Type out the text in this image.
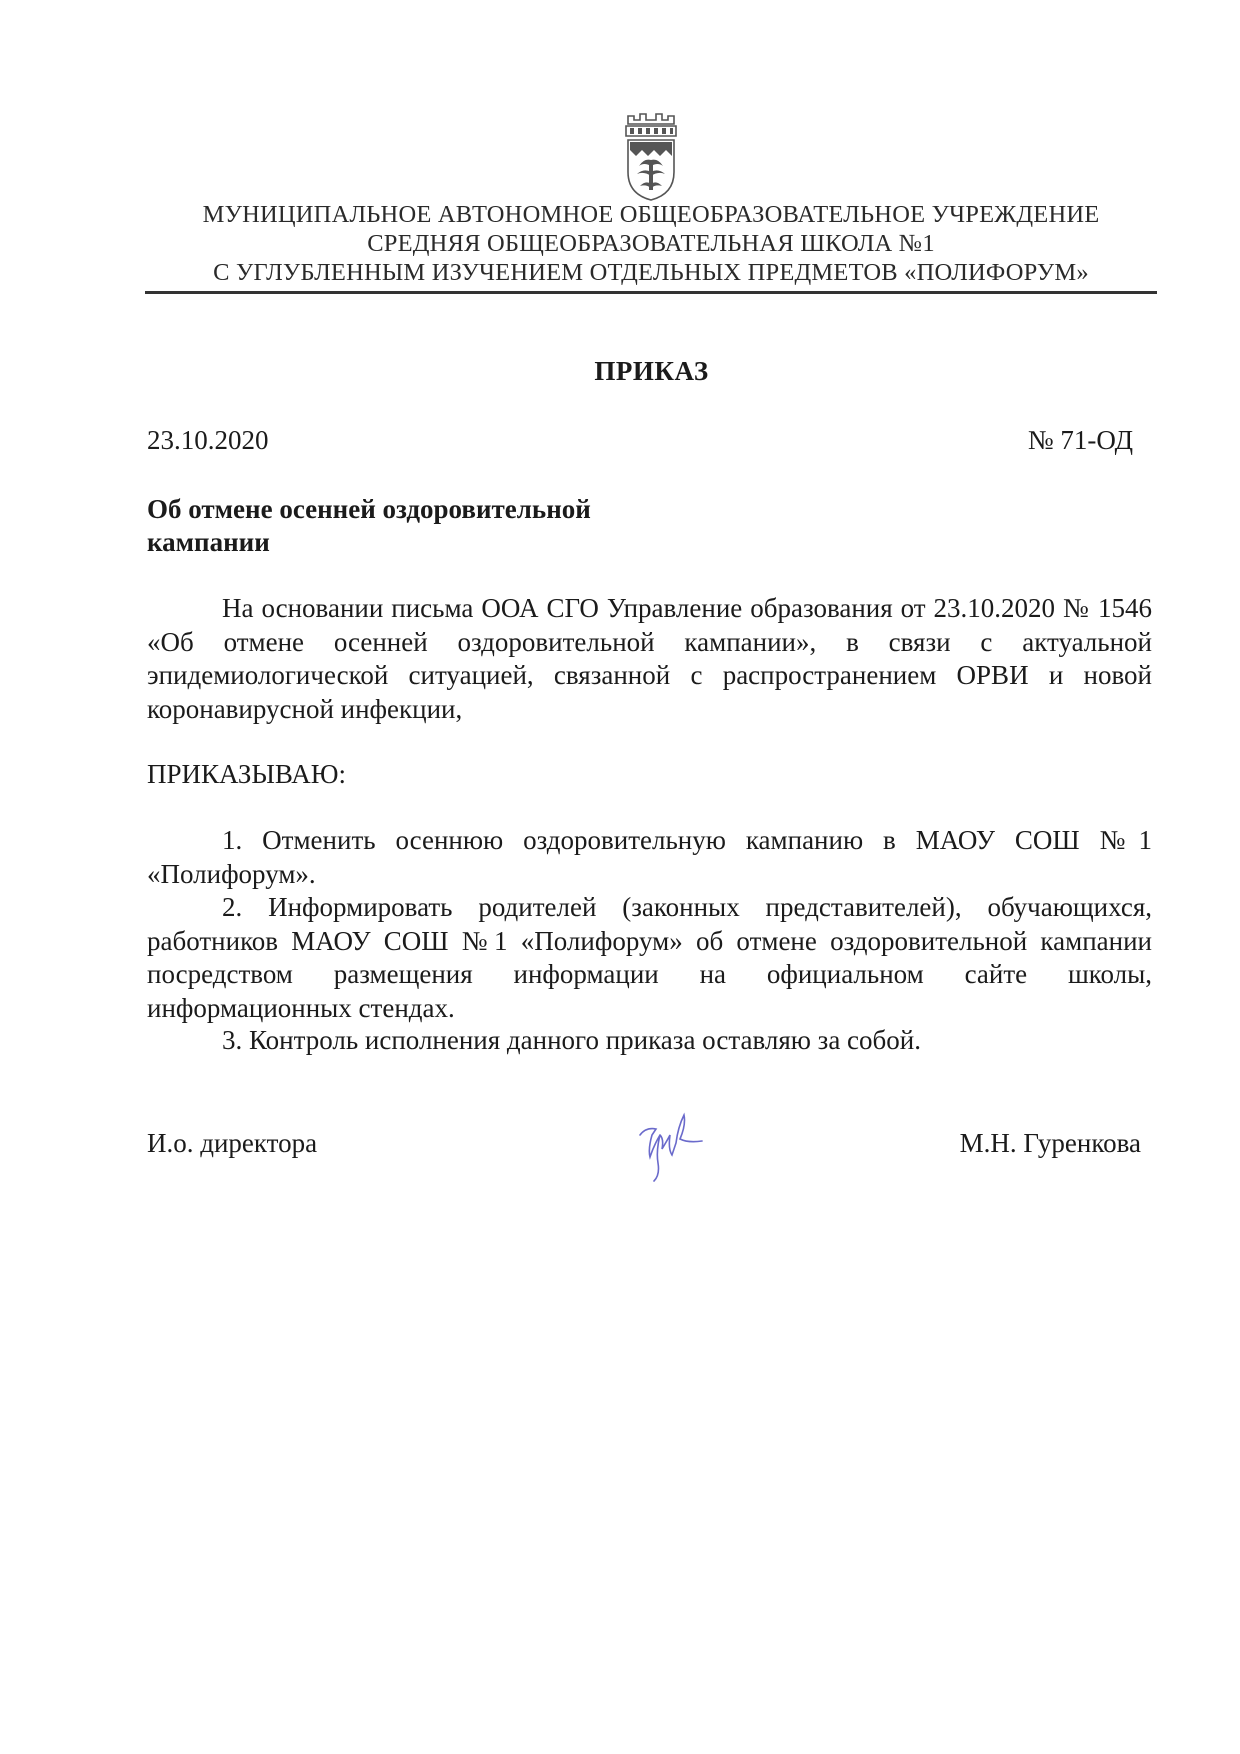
МУНИЦИПАЛЬНОЕ АВТОНОМНОЕ ОБЩЕОБРАЗОВАТЕЛЬНОЕ УЧРЕЖДЕНИЕ
СРЕДНЯЯ ОБЩЕОБРАЗОВАТЕЛЬНАЯ ШКОЛА №1
С УГЛУБЛЕННЫМ ИЗУЧЕНИЕМ ОТДЕЛЬНЫХ ПРЕДМЕТОВ «ПОЛИФОРУМ»
ПРИКАЗ
23.10.2020	№ 71-ОД
Об отмене осенней оздоровительной
кампании
На основании письма ООА СГО Управление образования от 23.10.2020 № 1546 «Об отмене осенней оздоровительной кампании», в связи с актуальной эпидемиологической ситуацией, связанной с распространением ОРВИ и новой коронавирусной инфекции,
ПРИКАЗЫВАЮ:
1. Отменить осеннюю оздоровительную кампанию в МАОУ СОШ №1 «Полифорум».
2. Информировать родителей (законных представителей), обучающихся, работников МАОУ СОШ №1 «Полифорум» об отмене оздоровительной кампании посредством размещения информации на официальном сайте школы, информационных стендах.
3. Контроль исполнения данного приказа оставляю за собой.
И.о. директора	М.Н. Гуренкова
